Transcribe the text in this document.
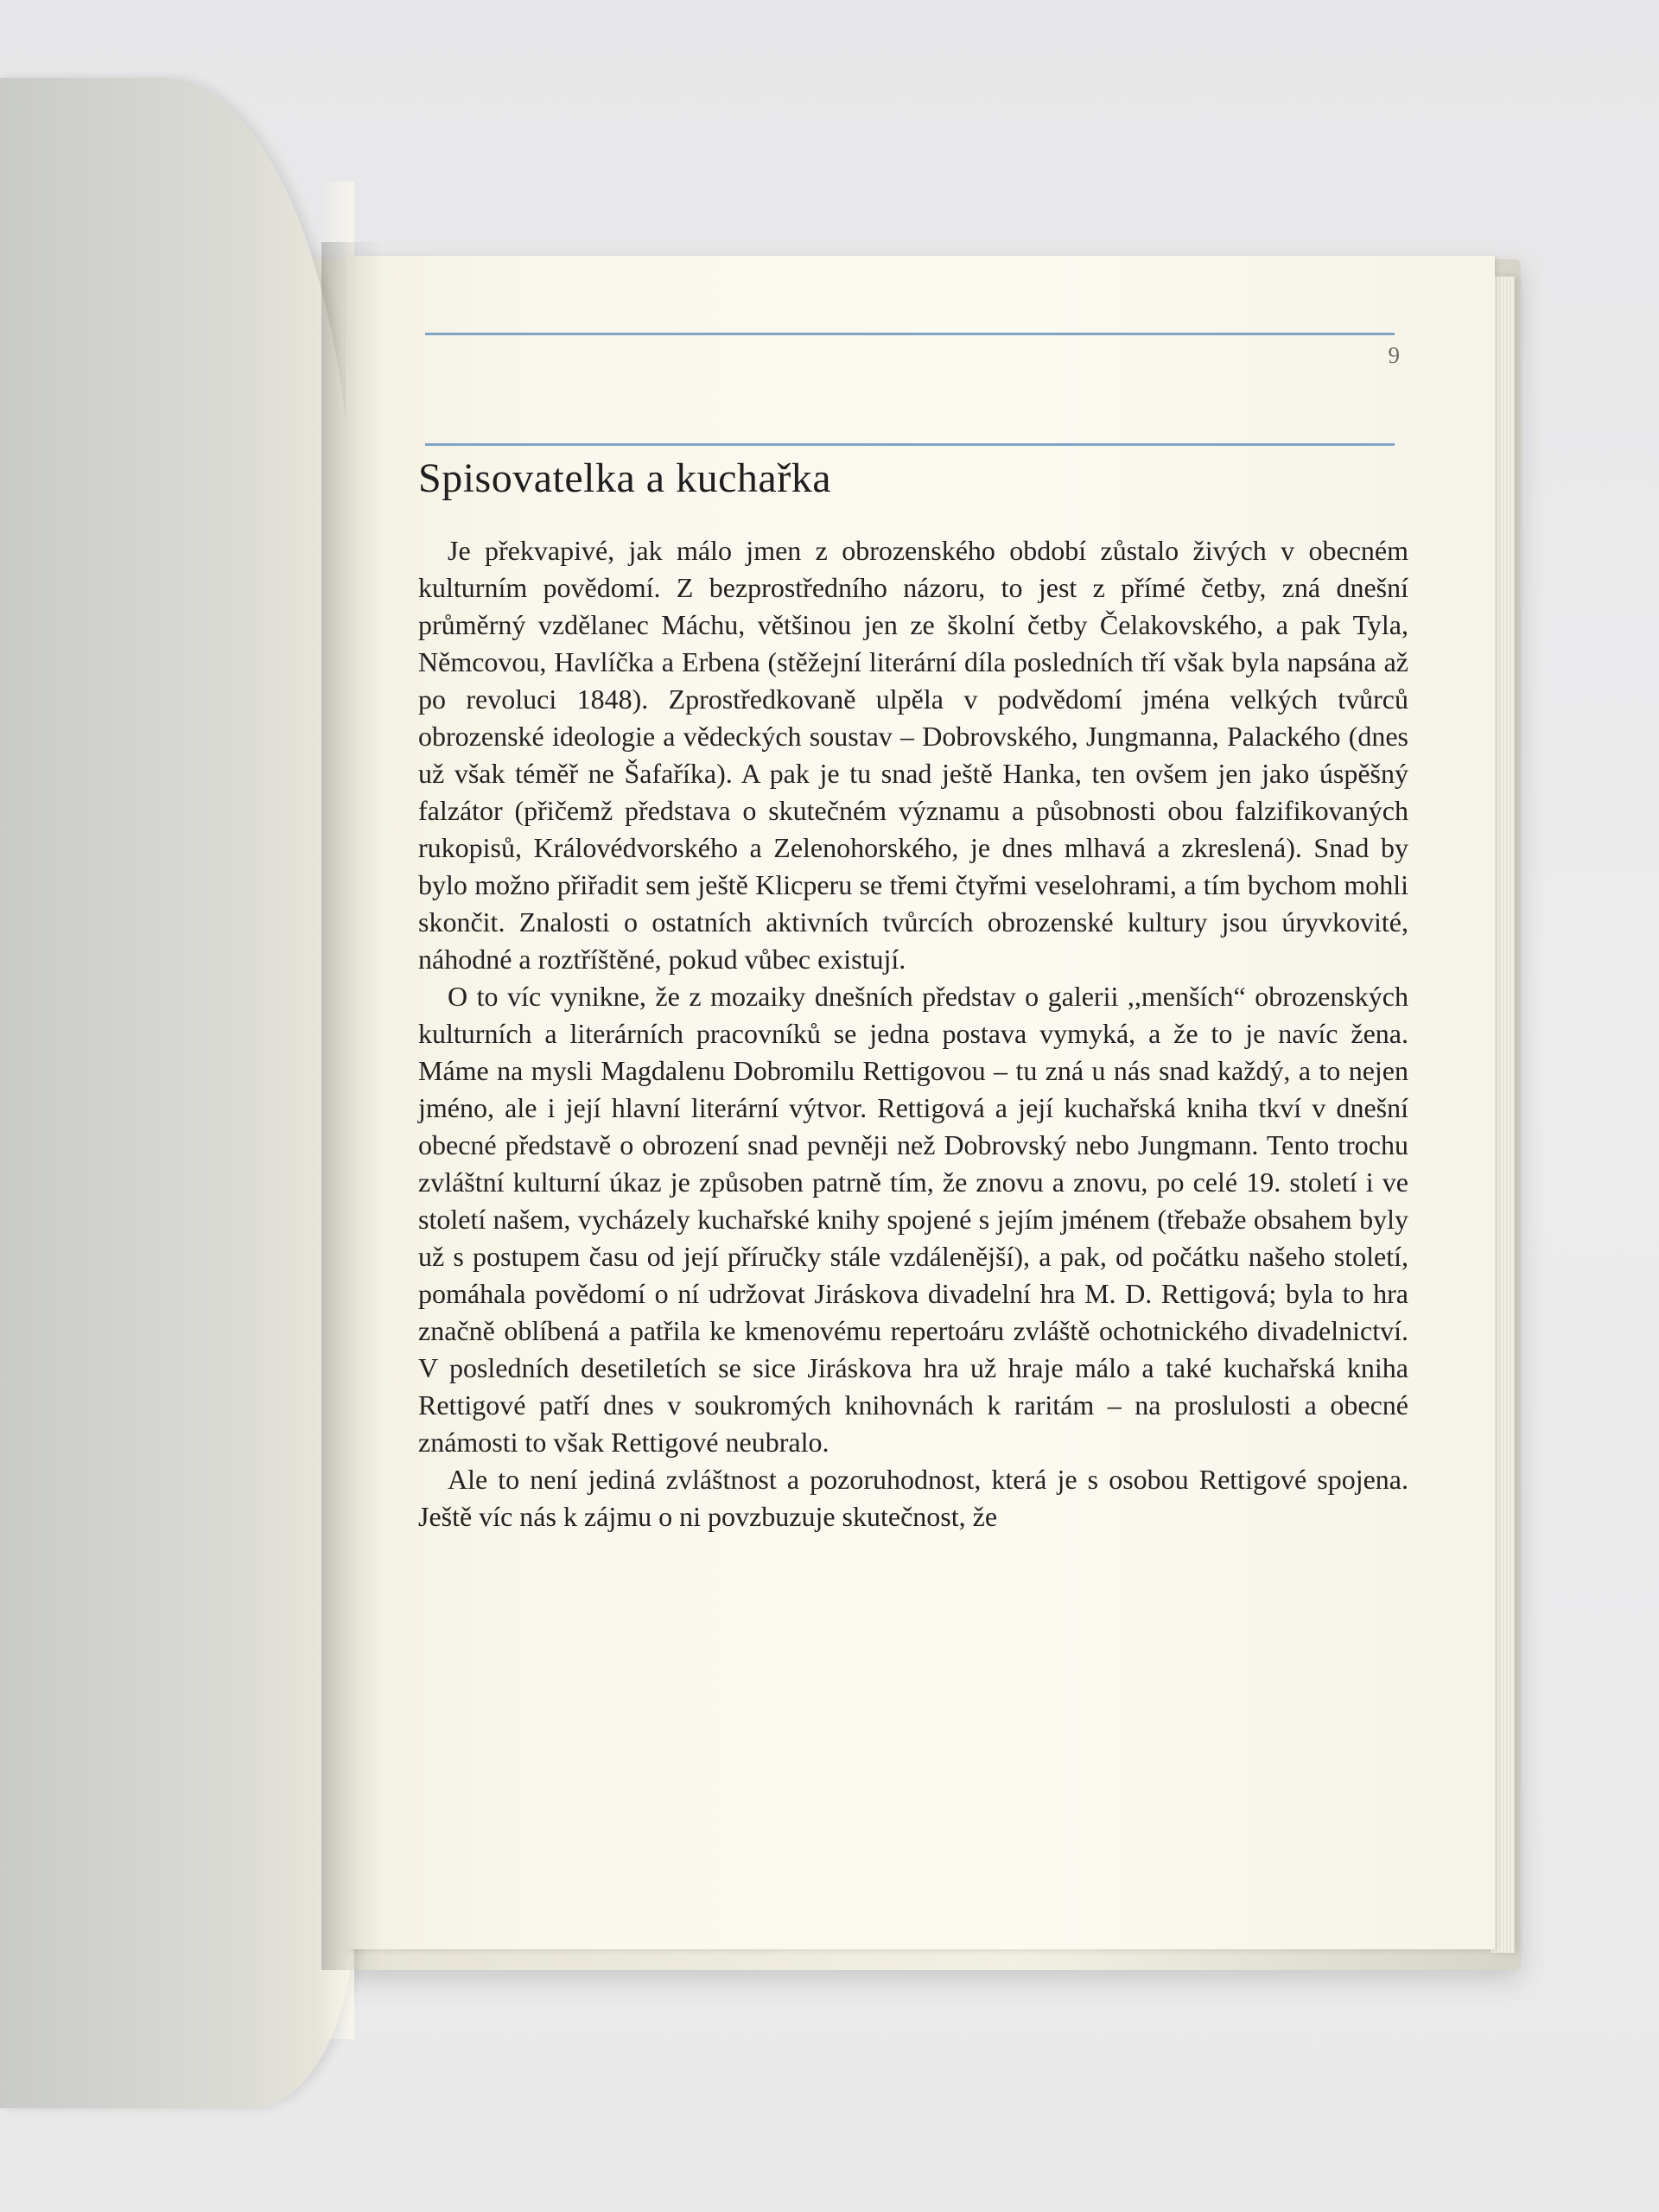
9
Spisovatelka a kuchařka

Je překvapivé, jak málo jmen z obrozenského období zůstalo živých v obecném kulturním povědomí. Z bezprostředního názoru, to jest z přímé četby, zná dnešní průměrný vzdělanec Máchu, většinou jen ze školní četby Čelakovského, a pak Tyla, Němcovou, Havlíčka a Erbena (stěžejní literární díla posledních tří však byla napsána až po revoluci 1848). Zprostředkovaně ulpěla v podvědomí jména velkých tvůrců obrozenské ideologie a vědeckých soustav – Dobrovského, Jungmanna, Palackého (dnes už však téměř ne Šafaříka). A pak je tu snad ještě Hanka, ten ovšem jen jako úspěšný falzátor (přičemž představa o skutečném významu a působnosti obou falzifikovaných rukopisů, Královédvorského a Zelenohorského, je dnes mlhavá a zkreslená). Snad by bylo možno přiřadit sem ještě Klicperu se třemi čtyřmi veselohrami, a tím bychom mohli skončit. Znalosti o ostatních aktivních tvůrcích obrozenské kultury jsou úryvkovité, náhodné a roztříštěné, pokud vůbec existují.

O to víc vynikne, že z mozaiky dnešních představ o galerii ,,menších“ obrozenských kulturních a literárních pracovníků se jedna postava vymyká, a že to je navíc žena. Máme na mysli Magdalenu Dobromilu Rettigovou – tu zná u nás snad každý, a to nejen jméno, ale i její hlavní literární výtvor. Rettigová a její kuchařská kniha tkví v dnešní obecné představě o obrození snad pevněji než Dobrovský nebo Jungmann. Tento trochu zvláštní kulturní úkaz je způsoben patrně tím, že znovu a znovu, po celé 19. století i ve století našem, vycházely kuchařské knihy spojené s jejím jménem (třebaže obsahem byly už s postupem času od její příručky stále vzdálenější), a pak, od počátku našeho století, pomáhala povědomí o ní udržovat Jiráskova divadelní hra M. D. Rettigová; byla to hra značně oblíbená a patřila ke kmenovému repertoáru zvláště ochotnického divadelnictví. V posledních desetiletích se sice Jiráskova hra už hraje málo a také kuchařská kniha Rettigové patří dnes v soukromých knihovnách k raritám – na proslulosti a obecné známosti to však Rettigové neubralo.

Ale to není jediná zvláštnost a pozoruhodnost, která je s osobou Rettigové spojena. Ještě víc nás k zájmu o ni povzbuzuje skutečnost, že
